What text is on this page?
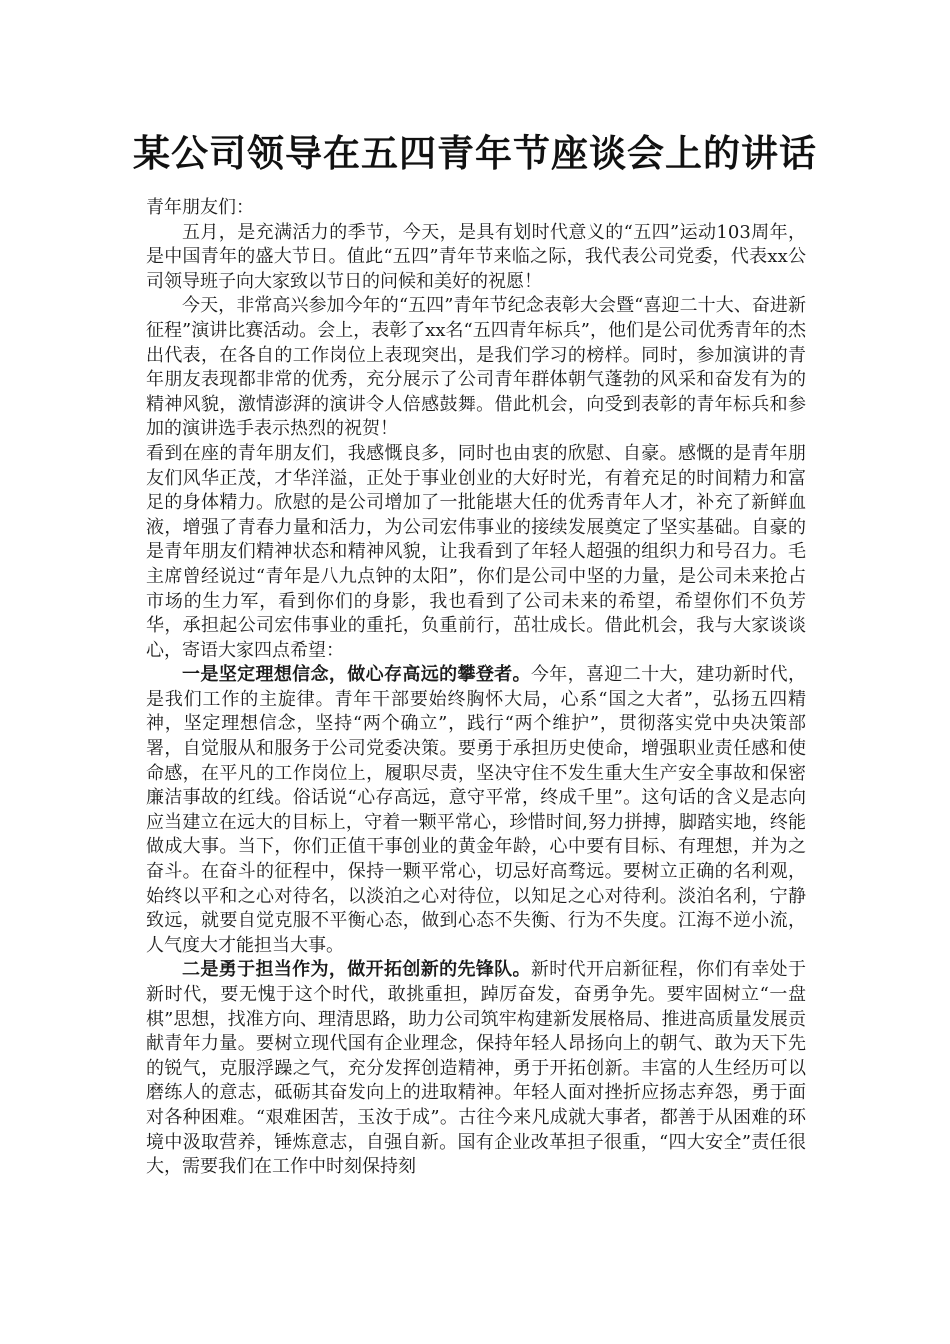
某公司领导在五四青年节座谈会上的讲话

青年朋友们：

五月，是充满活力的季节，今天，是具有划时代意义的“五四”运动103周年，是中国青年的盛大节日。值此“五四”青年节来临之际，我代表公司党委，代表xx公司领导班子向大家致以节日的问候和美好的祝愿！

今天，非常高兴参加今年的“五四”青年节纪念表彰大会暨“喜迎二十大、奋进新征程”演讲比赛活动。会上，表彰了xx名“五四青年标兵”，他们是公司优秀青年的杰出代表，在各自的工作岗位上表现突出，是我们学习的榜样。同时，参加演讲的青年朋友表现都非常的优秀，充分展示了公司青年群体朝气蓬勃的风采和奋发有为的精神风貌，激情澎湃的演讲令人倍感鼓舞。借此机会，向受到表彰的青年标兵和参加的演讲选手表示热烈的祝贺！

看到在座的青年朋友们，我感慨良多，同时也由衷的欣慰、自豪。感慨的是青年朋友们风华正茂，才华洋溢，正处于事业创业的大好时光，有着充足的时间精力和富足的身体精力。欣慰的是公司增加了一批能堪大任的优秀青年人才，补充了新鲜血液，增强了青春力量和活力，为公司宏伟事业的接续发展奠定了坚实基础。自豪的是青年朋友们精神状态和精神风貌，让我看到了年轻人超强的组织力和号召力。毛主席曾经说过“青年是八九点钟的太阳”，你们是公司中坚的力量，是公司未来抢占市场的生力军，看到你们的身影，我也看到了公司未来的希望，希望你们不负芳华，承担起公司宏伟事业的重托，负重前行，茁壮成长。借此机会，我与大家谈谈心，寄语大家四点希望：

一是坚定理想信念，做心存高远的攀登者。今年，喜迎二十大，建功新时代，是我们工作的主旋律。青年干部要始终胸怀大局，心系“国之大者”，弘扬五四精神，坚定理想信念，坚持“两个确立”，践行“两个维护”，贯彻落实党中央决策部署，自觉服从和服务于公司党委决策。要勇于承担历史使命，增强职业责任感和使命感，在平凡的工作岗位上，履职尽责，坚决守住不发生重大生产安全事故和保密廉洁事故的红线。俗话说“心存高远，意守平常，终成千里”。这句话的含义是志向应当建立在远大的目标上，守着一颗平常心，珍惜时间,努力拼搏，脚踏实地，终能做成大事。当下，你们正值干事创业的黄金年龄，心中要有目标、有理想，并为之奋斗。在奋斗的征程中，保持一颗平常心，切忌好高骛远。要树立正确的名利观，始终以平和之心对待名，以淡泊之心对待位，以知足之心对待利。淡泊名利，宁静致远，就要自觉克服不平衡心态，做到心态不失衡、行为不失度。江海不逆小流，人气度大才能担当大事。

二是勇于担当作为，做开拓创新的先锋队。新时代开启新征程，你们有幸处于新时代，要无愧于这个时代，敢挑重担，踔厉奋发，奋勇争先。要牢固树立“一盘棋”思想，找准方向、理清思路，助力公司筑牢构建新发展格局、推进高质量发展贡献青年力量。要树立现代国有企业理念，保持年轻人昂扬向上的朝气、敢为天下先的锐气，克服浮躁之气，充分发挥创造精神，勇于开拓创新。丰富的人生经历可以磨练人的意志，砥砺其奋发向上的进取精神。年轻人面对挫折应扬志弃怨，勇于面对各种困难。“艰难困苦，玉汝于成”。古往今来凡成就大事者，都善于从困难的环境中汲取营养，锤炼意志，自强自新。国有企业改革担子很重，“四大安全”责任很大，需要我们在工作中时刻保持刻
